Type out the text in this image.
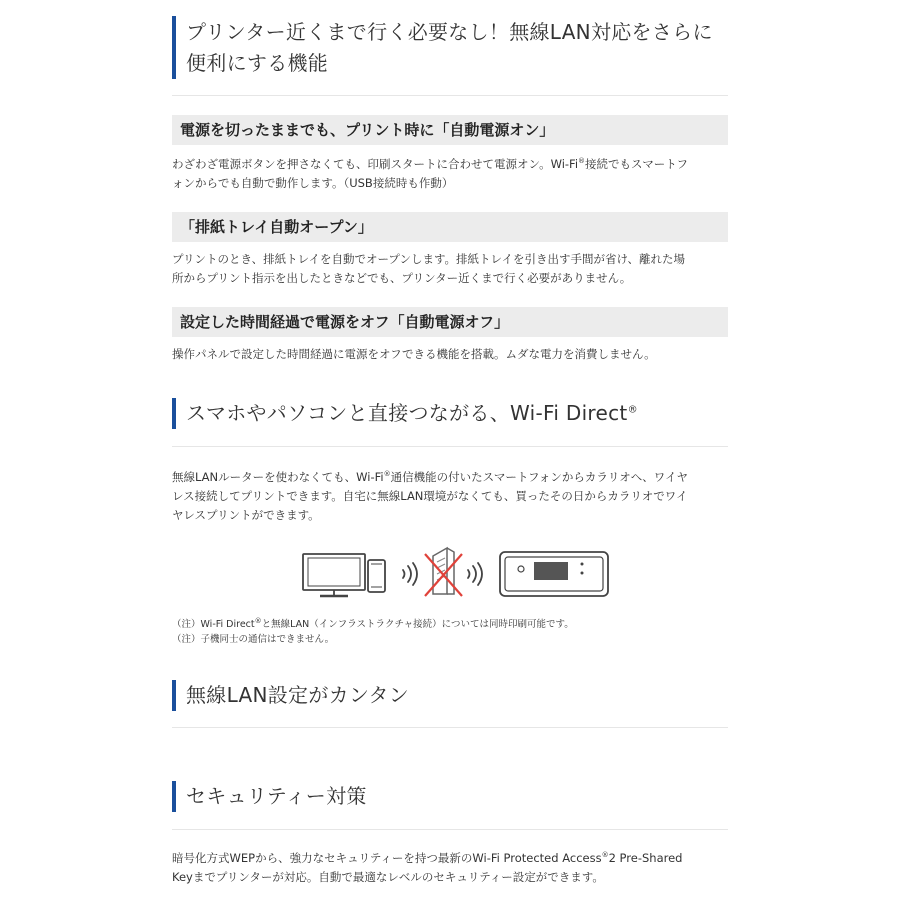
プリンター近くまで行く必要なし！無線LAN対応をさらに
便利にする機能
電源を切ったままでも、プリント時に「自動電源オン」
わざわざ電源ボタンを押さなくても、印刷スタートに合わせて電源オン。Wi-Fi®接続でもスマートフ
ォンからでも自動で動作します。（USB接続時も作動）
「排紙トレイ自動オープン」
プリントのとき、排紙トレイを自動でオープンします。排紙トレイを引き出す手間が省け、離れた場
所からプリント指示を出したときなどでも、プリンター近くまで行く必要がありません。
設定した時間経過で電源をオフ「自動電源オフ」
操作パネルで設定した時間経過に電源をオフできる機能を搭載。ムダな電力を消費しません。
スマホやパソコンと直接つながる、Wi-Fi Direct®
無線LANルーターを使わなくても、Wi-Fi®通信機能の付いたスマートフォンからカラリオへ、ワイヤ
レス接続してプリントできます。自宅に無線LAN環境がなくても、買ったその日からカラリオでワイ
ヤレスプリントができます。
（注）Wi-Fi Direct®と無線LAN（インフラストラクチャ接続）については同時印刷可能です。
（注）子機同士の通信はできません。
無線LAN設定がカンタン
セキュリティー対策
暗号化方式WEPから、強力なセキュリティーを持つ最新のWi-Fi Protected Access®2 Pre-Shared
Keyまでプリンターが対応。自動で最適なレベルのセキュリティー設定ができます。
